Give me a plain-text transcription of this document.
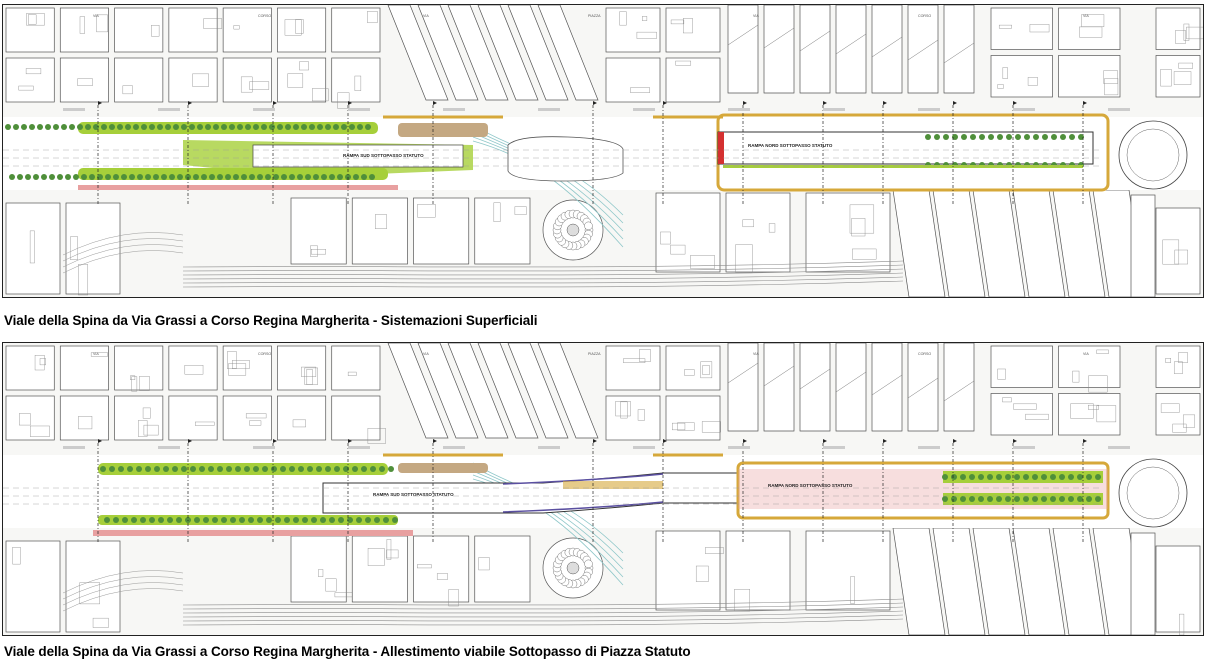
RAMPA SUD SOTTOPASSO STATUTO
RAMPA NORD SOTTOPASSO STATUTO
VIA	CORSO	VIA	PIAZZA	VIA	CORSO	VIA
Viale della Spina da Via Grassi a Corso Regina Margherita - Sistemazioni Superficiali
RAMPA SUD SOTTOPASSO STATUTO
RAMPA NORD SOTTOPASSO STATUTO
VIA	CORSO	VIA	PIAZZA	VIA	CORSO	VIA
Viale della Spina da Via Grassi a Corso Regina Margherita - Allestimento viabile Sottopasso di Piazza Statuto
